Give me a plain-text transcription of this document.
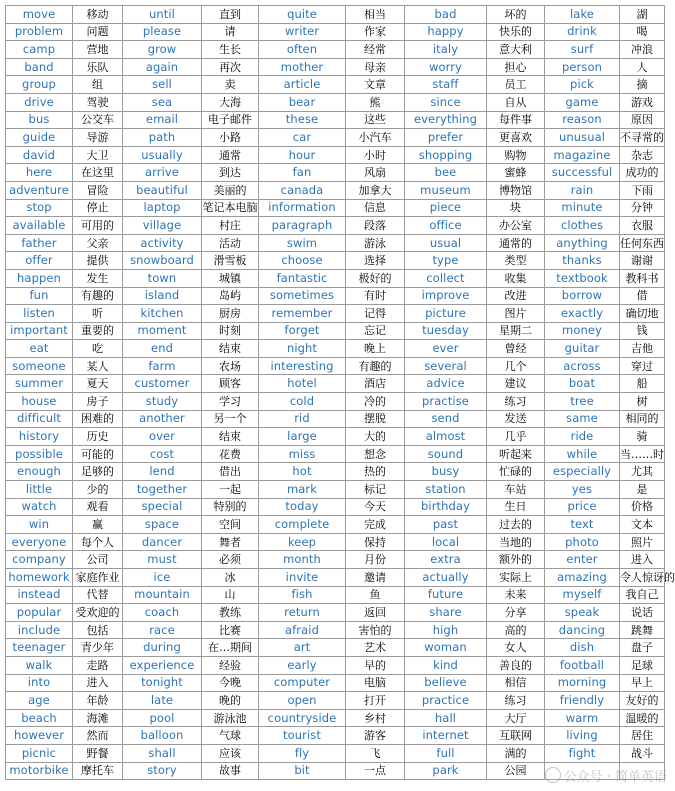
move	移动	until	直到	quite	相当	bad	坏的	lake	湖
problem	问题	please	请	writer	作家	happy	快乐的	drink	喝
camp	营地	grow	生长	often	经常	italy	意大利	surf	冲浪
band	乐队	again	再次	mother	母亲	worry	担心	person	人
group	组	sell	卖	article	文章	staff	员工	pick	摘
drive	驾驶	sea	大海	bear	熊	since	自从	game	游戏
bus	公交车	email	电子邮件	these	这些	everything	每件事	reason	原因
guide	导游	path	小路	car	小汽车	prefer	更喜欢	unusual	不寻常的
david	大卫	usually	通常	hour	小时	shopping	购物	magazine	杂志
here	在这里	arrive	到达	fan	风扇	bee	蜜蜂	successful	成功的
adventure	冒险	beautiful	美丽的	canada	加拿大	museum	博物馆	rain	下雨
stop	停止	laptop	笔记本电脑	information	信息	piece	块	minute	分钟
available	可用的	village	村庄	paragraph	段落	office	办公室	clothes	衣服
father	父亲	activity	活动	swim	游泳	usual	通常的	anything	任何东西
offer	提供	snowboard	滑雪板	choose	选择	type	类型	thanks	谢谢
happen	发生	town	城镇	fantastic	极好的	collect	收集	textbook	教科书
fun	有趣的	island	岛屿	sometimes	有时	improve	改进	borrow	借
listen	听	kitchen	厨房	remember	记得	picture	图片	exactly	确切地
important	重要的	moment	时刻	forget	忘记	tuesday	星期二	money	钱
eat	吃	end	结束	night	晚上	ever	曾经	guitar	吉他
someone	某人	farm	农场	interesting	有趣的	several	几个	across	穿过
summer	夏天	customer	顾客	hotel	酒店	advice	建议	boat	船
house	房子	study	学习	cold	冷的	practise	练习	tree	树
difficult	困难的	another	另一个	rid	摆脱	send	发送	same	相同的
history	历史	over	结束	large	大的	almost	几乎	ride	骑
possible	可能的	cost	花费	miss	想念	sound	听起来	while	当……时
enough	足够的	lend	借出	hot	热的	busy	忙碌的	especially	尤其
little	少的	together	一起	mark	标记	station	车站	yes	是
watch	观看	special	特别的	today	今天	birthday	生日	price	价格
win	赢	space	空间	complete	完成	past	过去的	text	文本
everyone	每个人	dancer	舞者	keep	保持	local	当地的	photo	照片
company	公司	must	必须	month	月份	extra	额外的	enter	进入
homework	家庭作业	ice	冰	invite	邀请	actually	实际上	amazing	令人惊讶的
instead	代替	mountain	山	fish	鱼	future	未来	myself	我自己
popular	受欢迎的	coach	教练	return	返回	share	分享	speak	说话
include	包括	race	比赛	afraid	害怕的	high	高的	dancing	跳舞
teenager	青少年	during	在…期间	art	艺术	woman	女人	dish	盘子
walk	走路	experience	经验	early	早的	kind	善良的	football	足球
into	进入	tonight	今晚	computer	电脑	believe	相信	morning	早上
age	年龄	late	晚的	open	打开	practice	练习	friendly	友好的
beach	海滩	pool	游泳池	countryside	乡村	hall	大厅	warm	温暖的
however	然而	balloon	气球	tourist	游客	internet	互联网	living	居住
picnic	野餐	shall	应该	fly	飞	full	满的	fight	战斗
motorbike	摩托车	story	故事	bit	一点	park	公园			公众号 · 简单英语
